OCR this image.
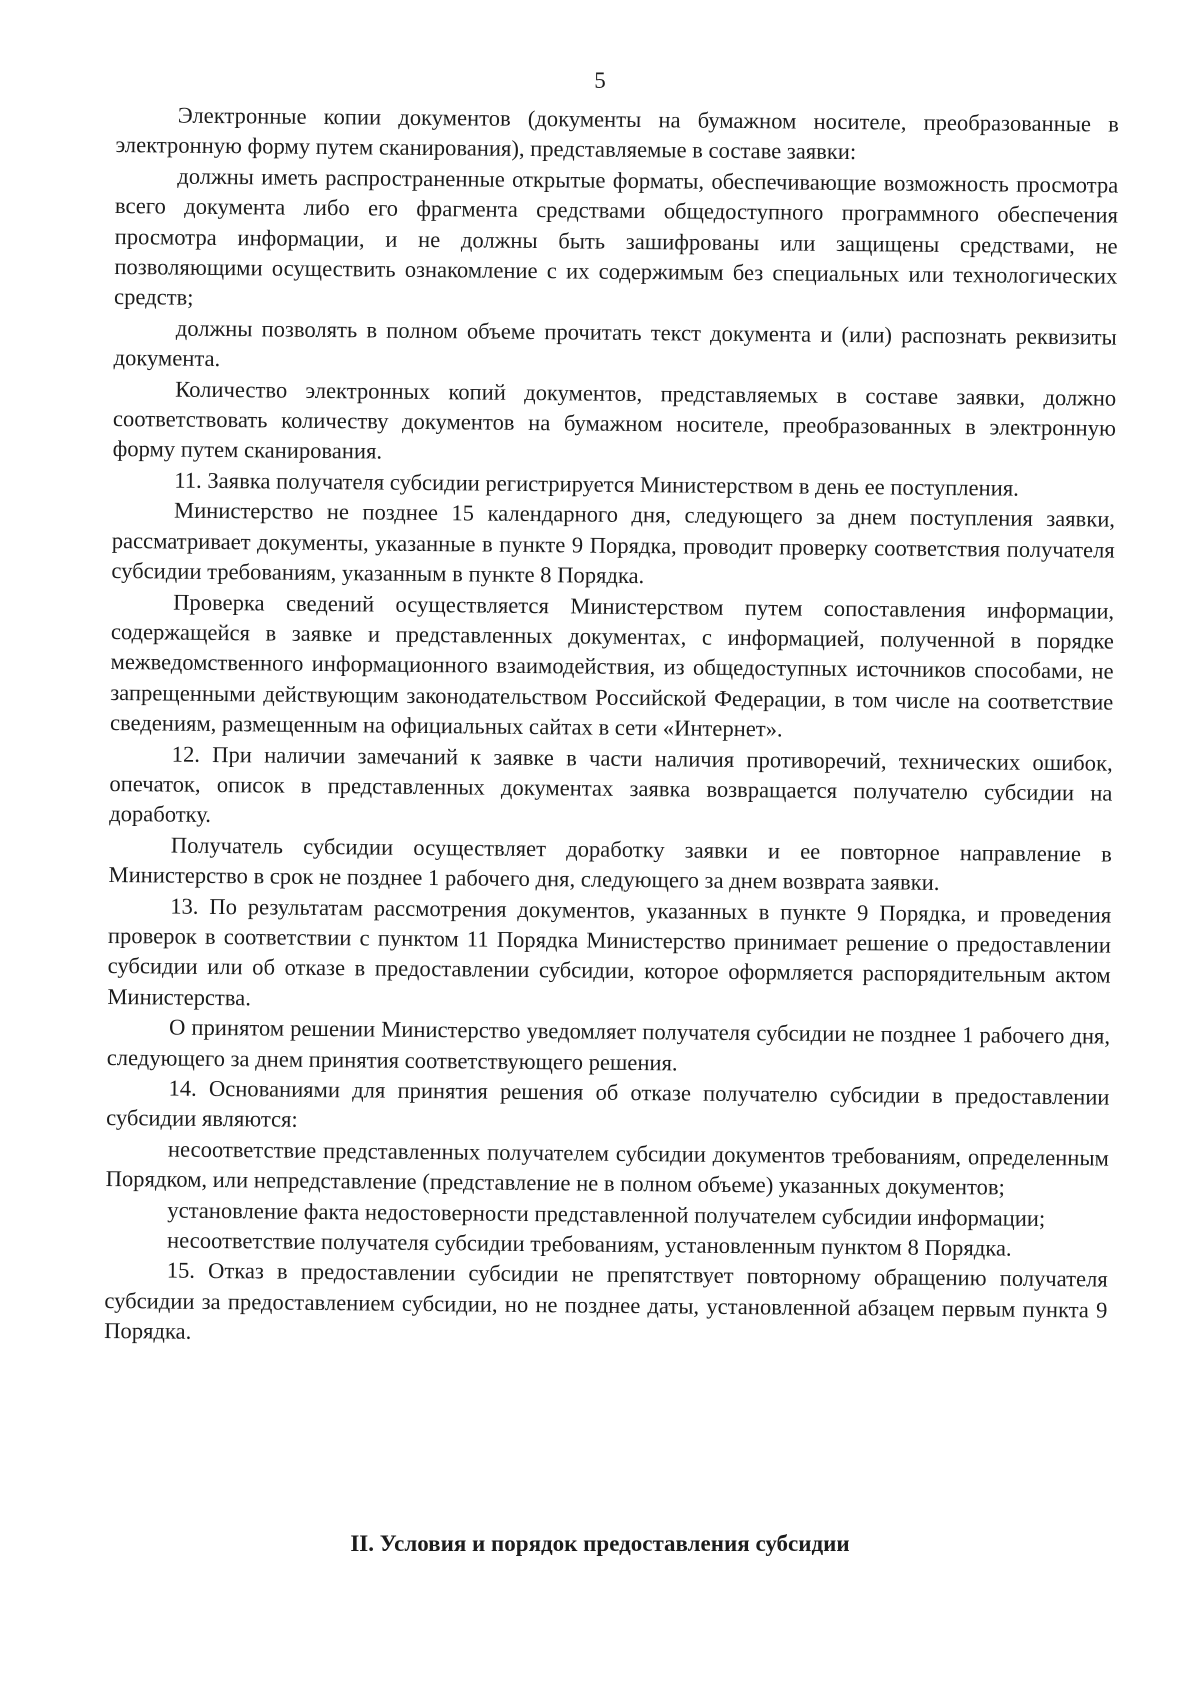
5

Электронные копии документов (документы на бумажном носителе, преобразованные в электронную форму путем сканирования), представляемые в составе заявки:

должны иметь распространенные открытые форматы, обеспечивающие возможность просмотра всего документа либо его фрагмента средствами общедоступного программного обеспечения просмотра информации, и не должны быть зашифрованы или защищены средствами, не позволяющими осуществить ознакомление с их содержимым без специальных или технологических средств;

должны позволять в полном объеме прочитать текст документа и (или) распознать реквизиты документа.

Количество электронных копий документов, представляемых в составе заявки, должно соответствовать количеству документов на бумажном носителе, преобразованных в электронную форму путем сканирования.

11. Заявка получателя субсидии регистрируется Министерством в день ее поступления.

Министерство не позднее 15 календарного дня, следующего за днем поступления заявки, рассматривает документы, указанные в пункте 9 Порядка, проводит проверку соответствия получателя субсидии требованиям, указанным в пункте 8 Порядка.

Проверка сведений осуществляется Министерством путем сопоставления информации, содержащейся в заявке и представленных документах, с информацией, полученной в порядке межведомственного информационного взаимодействия, из общедоступных источников способами, не запрещенными действующим законодательством Российской Федерации, в том числе на соответствие сведениям, размещенным на официальных сайтах в сети «Интернет».

12. При наличии замечаний к заявке в части наличия противоречий, технических ошибок, опечаток, описок в представленных документах заявка возвращается получателю субсидии на доработку.

Получатель субсидии осуществляет доработку заявки и ее повторное направление в Министерство в срок не позднее 1 рабочего дня, следующего за днем возврата заявки.

13. По результатам рассмотрения документов, указанных в пункте 9 Порядка, и проведения проверок в соответствии с пунктом 11 Порядка Министерство принимает решение о предоставлении субсидии или об отказе в предоставлении субсидии, которое оформляется распорядительным актом Министерства.

О принятом решении Министерство уведомляет получателя субсидии не позднее 1 рабочего дня, следующего за днем принятия соответствующего решения.

14. Основаниями для принятия решения об отказе получателю субсидии в предоставлении субсидии являются:

несоответствие представленных получателем субсидии документов требованиям, определенным Порядком, или непредставление (представление не в полном объеме) указанных документов;

установление факта недостоверности представленной получателем субсидии информации;

несоответствие получателя субсидии требованиям, установленным пунктом 8 Порядка.

15. Отказ в предоставлении субсидии не препятствует повторному обращению получателя субсидии за предоставлением субсидии, но не позднее даты, установленной абзацем первым пункта 9 Порядка.

II. Условия и порядок предоставления субсидии
